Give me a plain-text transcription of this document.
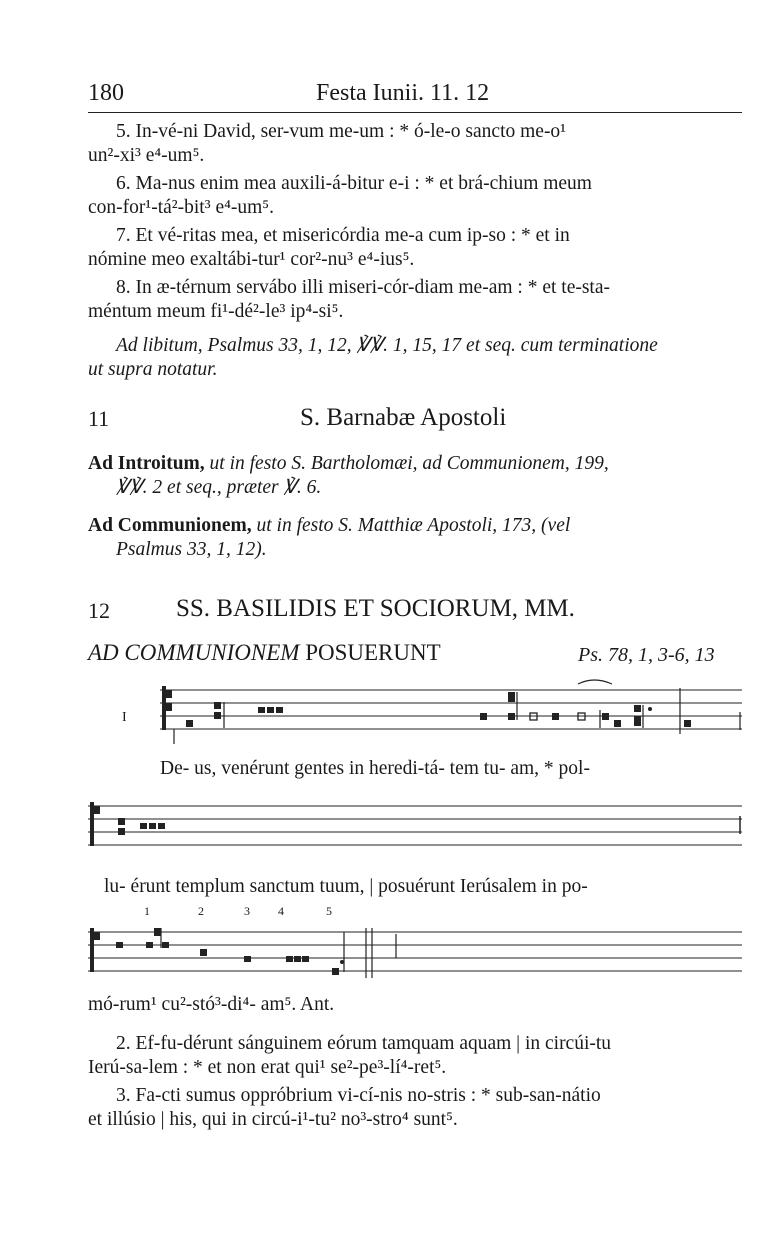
180	Festa Iunii. 11. 12
5. In-vé-ni David, ser-vum me-um : * ó-le-o sancto me-o¹
un²-xi³ e⁴-um⁵.
6. Ma-nus enim mea auxili-á-bitur e-i : * et brá-chium meum
con-for¹-tá²-bit³ e⁴-um⁵.
7. Et vé-ritas mea, et misericórdia me-a cum ip-so : * et in
nómine meo exaltábi-tur¹ cor²-nu³ e⁴-ius⁵.
8. In æ-térnum servábo illi miseri-cór-diam me-am : * et te-sta-
méntum meum fi¹-dé²-le³ ip⁴-si⁵.
Ad libitum, Psalmus 33, 1, 12, ℣℣. 1, 15, 17 et seq. cum terminatione
ut supra notatur.
11	S. Barnabæ Apostoli
Ad Introitum, ut in festo S. Bartholomæi, ad Communionem, 199,
℣℣. 2 et seq., præter ℣. 6.
Ad Communionem, ut in festo S. Matthiæ Apostoli, 173, (vel
Psalmus 33, 1, 12).
12	SS. BASILIDIS ET SOCIORUM, MM.
AD COMMUNIONEM POSUERUNT	Ps. 78, 1, 3-6, 13
I
De- us, venérunt gentes in heredi-tá- tem tu- am, * pol-
lu- érunt templum sanctum tuum, | posuérunt Ierúsalem in po-
1	2	3 4	5
mó-rum¹ cu²-stó³-di⁴- am⁵. Ant.
2. Ef-fu-dérunt sánguinem eórum tamquam aquam | in circúi-tu
Ierú-sa-lem : * et non erat qui¹ se²-pe³-lí⁴-ret⁵.
3. Fa-cti sumus oppróbrium vi-cí-nis no-stris : * sub-san-nátio
et illúsio | his, qui in circú-i¹-tu² no³-stro⁴ sunt⁵.
